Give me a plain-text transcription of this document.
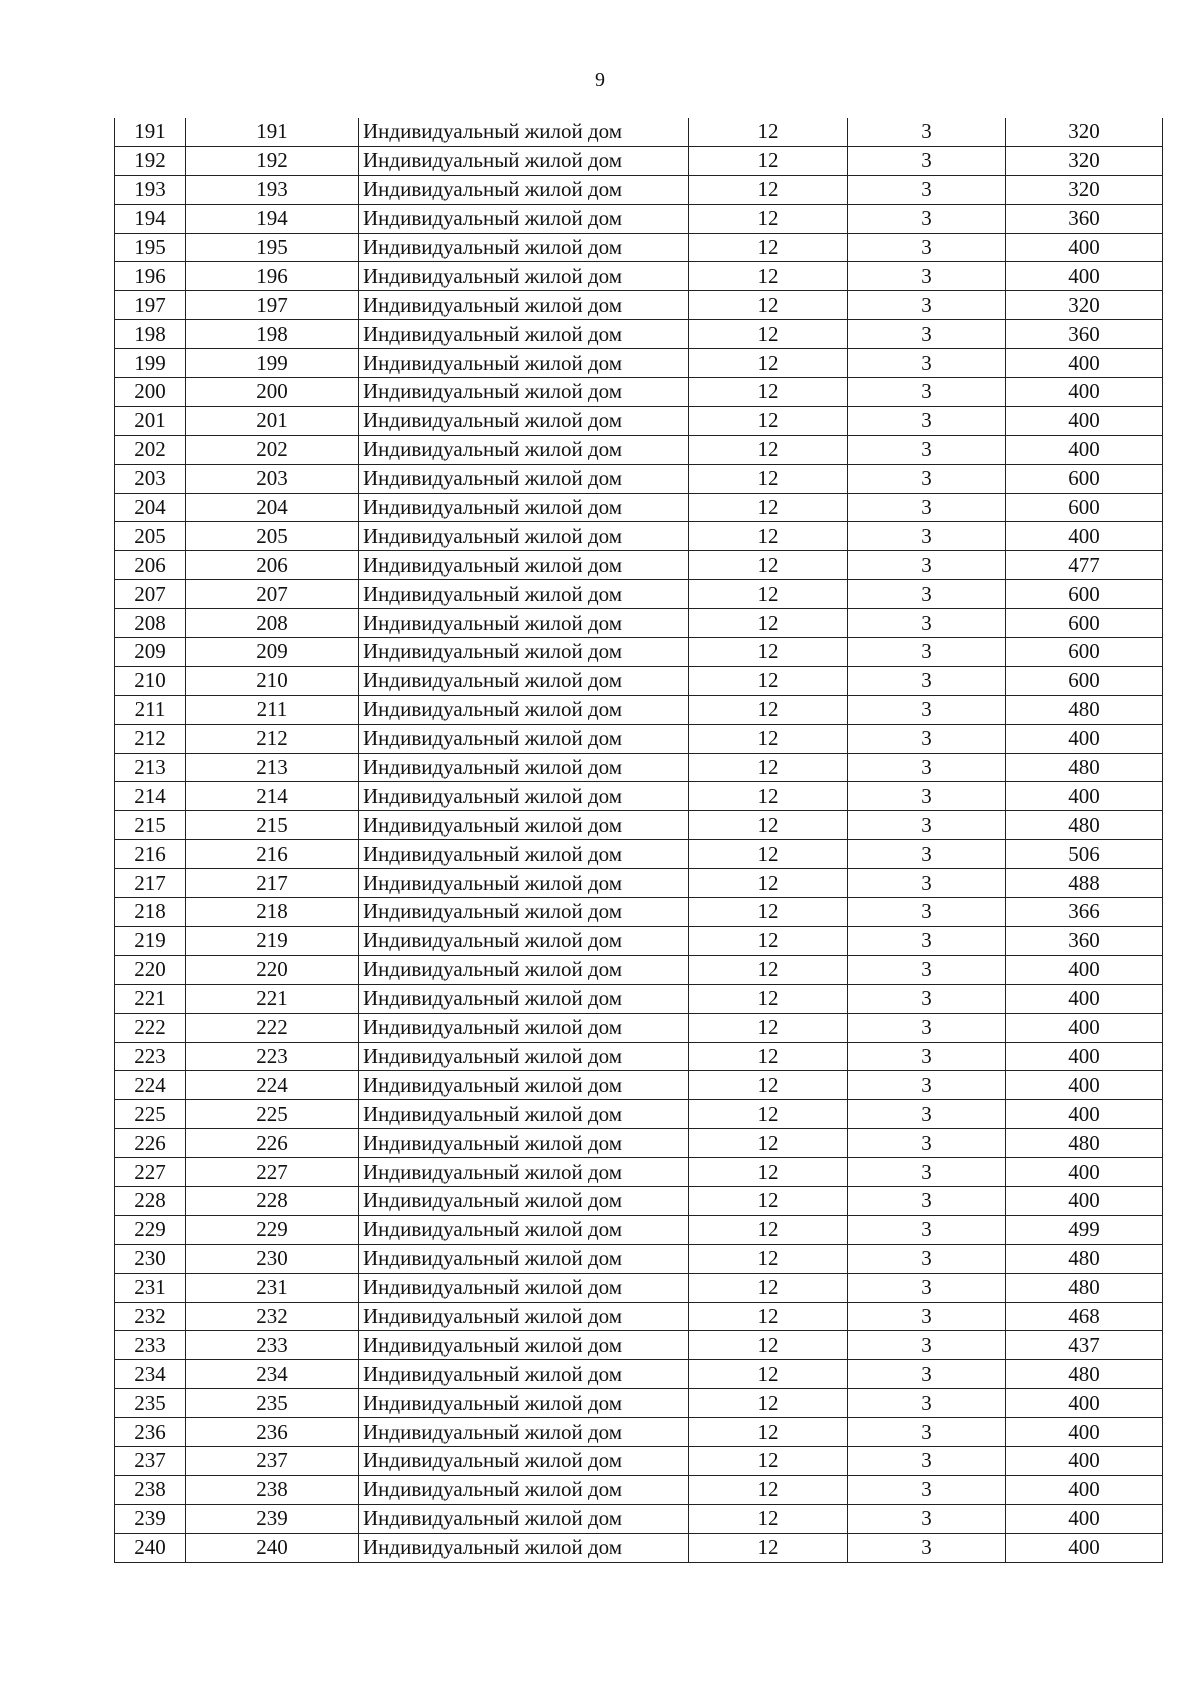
9
191	191	Индивидуальный жилой дом	12	3	320
192	192	Индивидуальный жилой дом	12	3	320
193	193	Индивидуальный жилой дом	12	3	320
194	194	Индивидуальный жилой дом	12	3	360
195	195	Индивидуальный жилой дом	12	3	400
196	196	Индивидуальный жилой дом	12	3	400
197	197	Индивидуальный жилой дом	12	3	320
198	198	Индивидуальный жилой дом	12	3	360
199	199	Индивидуальный жилой дом	12	3	400
200	200	Индивидуальный жилой дом	12	3	400
201	201	Индивидуальный жилой дом	12	3	400
202	202	Индивидуальный жилой дом	12	3	400
203	203	Индивидуальный жилой дом	12	3	600
204	204	Индивидуальный жилой дом	12	3	600
205	205	Индивидуальный жилой дом	12	3	400
206	206	Индивидуальный жилой дом	12	3	477
207	207	Индивидуальный жилой дом	12	3	600
208	208	Индивидуальный жилой дом	12	3	600
209	209	Индивидуальный жилой дом	12	3	600
210	210	Индивидуальный жилой дом	12	3	600
211	211	Индивидуальный жилой дом	12	3	480
212	212	Индивидуальный жилой дом	12	3	400
213	213	Индивидуальный жилой дом	12	3	480
214	214	Индивидуальный жилой дом	12	3	400
215	215	Индивидуальный жилой дом	12	3	480
216	216	Индивидуальный жилой дом	12	3	506
217	217	Индивидуальный жилой дом	12	3	488
218	218	Индивидуальный жилой дом	12	3	366
219	219	Индивидуальный жилой дом	12	3	360
220	220	Индивидуальный жилой дом	12	3	400
221	221	Индивидуальный жилой дом	12	3	400
222	222	Индивидуальный жилой дом	12	3	400
223	223	Индивидуальный жилой дом	12	3	400
224	224	Индивидуальный жилой дом	12	3	400
225	225	Индивидуальный жилой дом	12	3	400
226	226	Индивидуальный жилой дом	12	3	480
227	227	Индивидуальный жилой дом	12	3	400
228	228	Индивидуальный жилой дом	12	3	400
229	229	Индивидуальный жилой дом	12	3	499
230	230	Индивидуальный жилой дом	12	3	480
231	231	Индивидуальный жилой дом	12	3	480
232	232	Индивидуальный жилой дом	12	3	468
233	233	Индивидуальный жилой дом	12	3	437
234	234	Индивидуальный жилой дом	12	3	480
235	235	Индивидуальный жилой дом	12	3	400
236	236	Индивидуальный жилой дом	12	3	400
237	237	Индивидуальный жилой дом	12	3	400
238	238	Индивидуальный жилой дом	12	3	400
239	239	Индивидуальный жилой дом	12	3	400
240	240	Индивидуальный жилой дом	12	3	400
